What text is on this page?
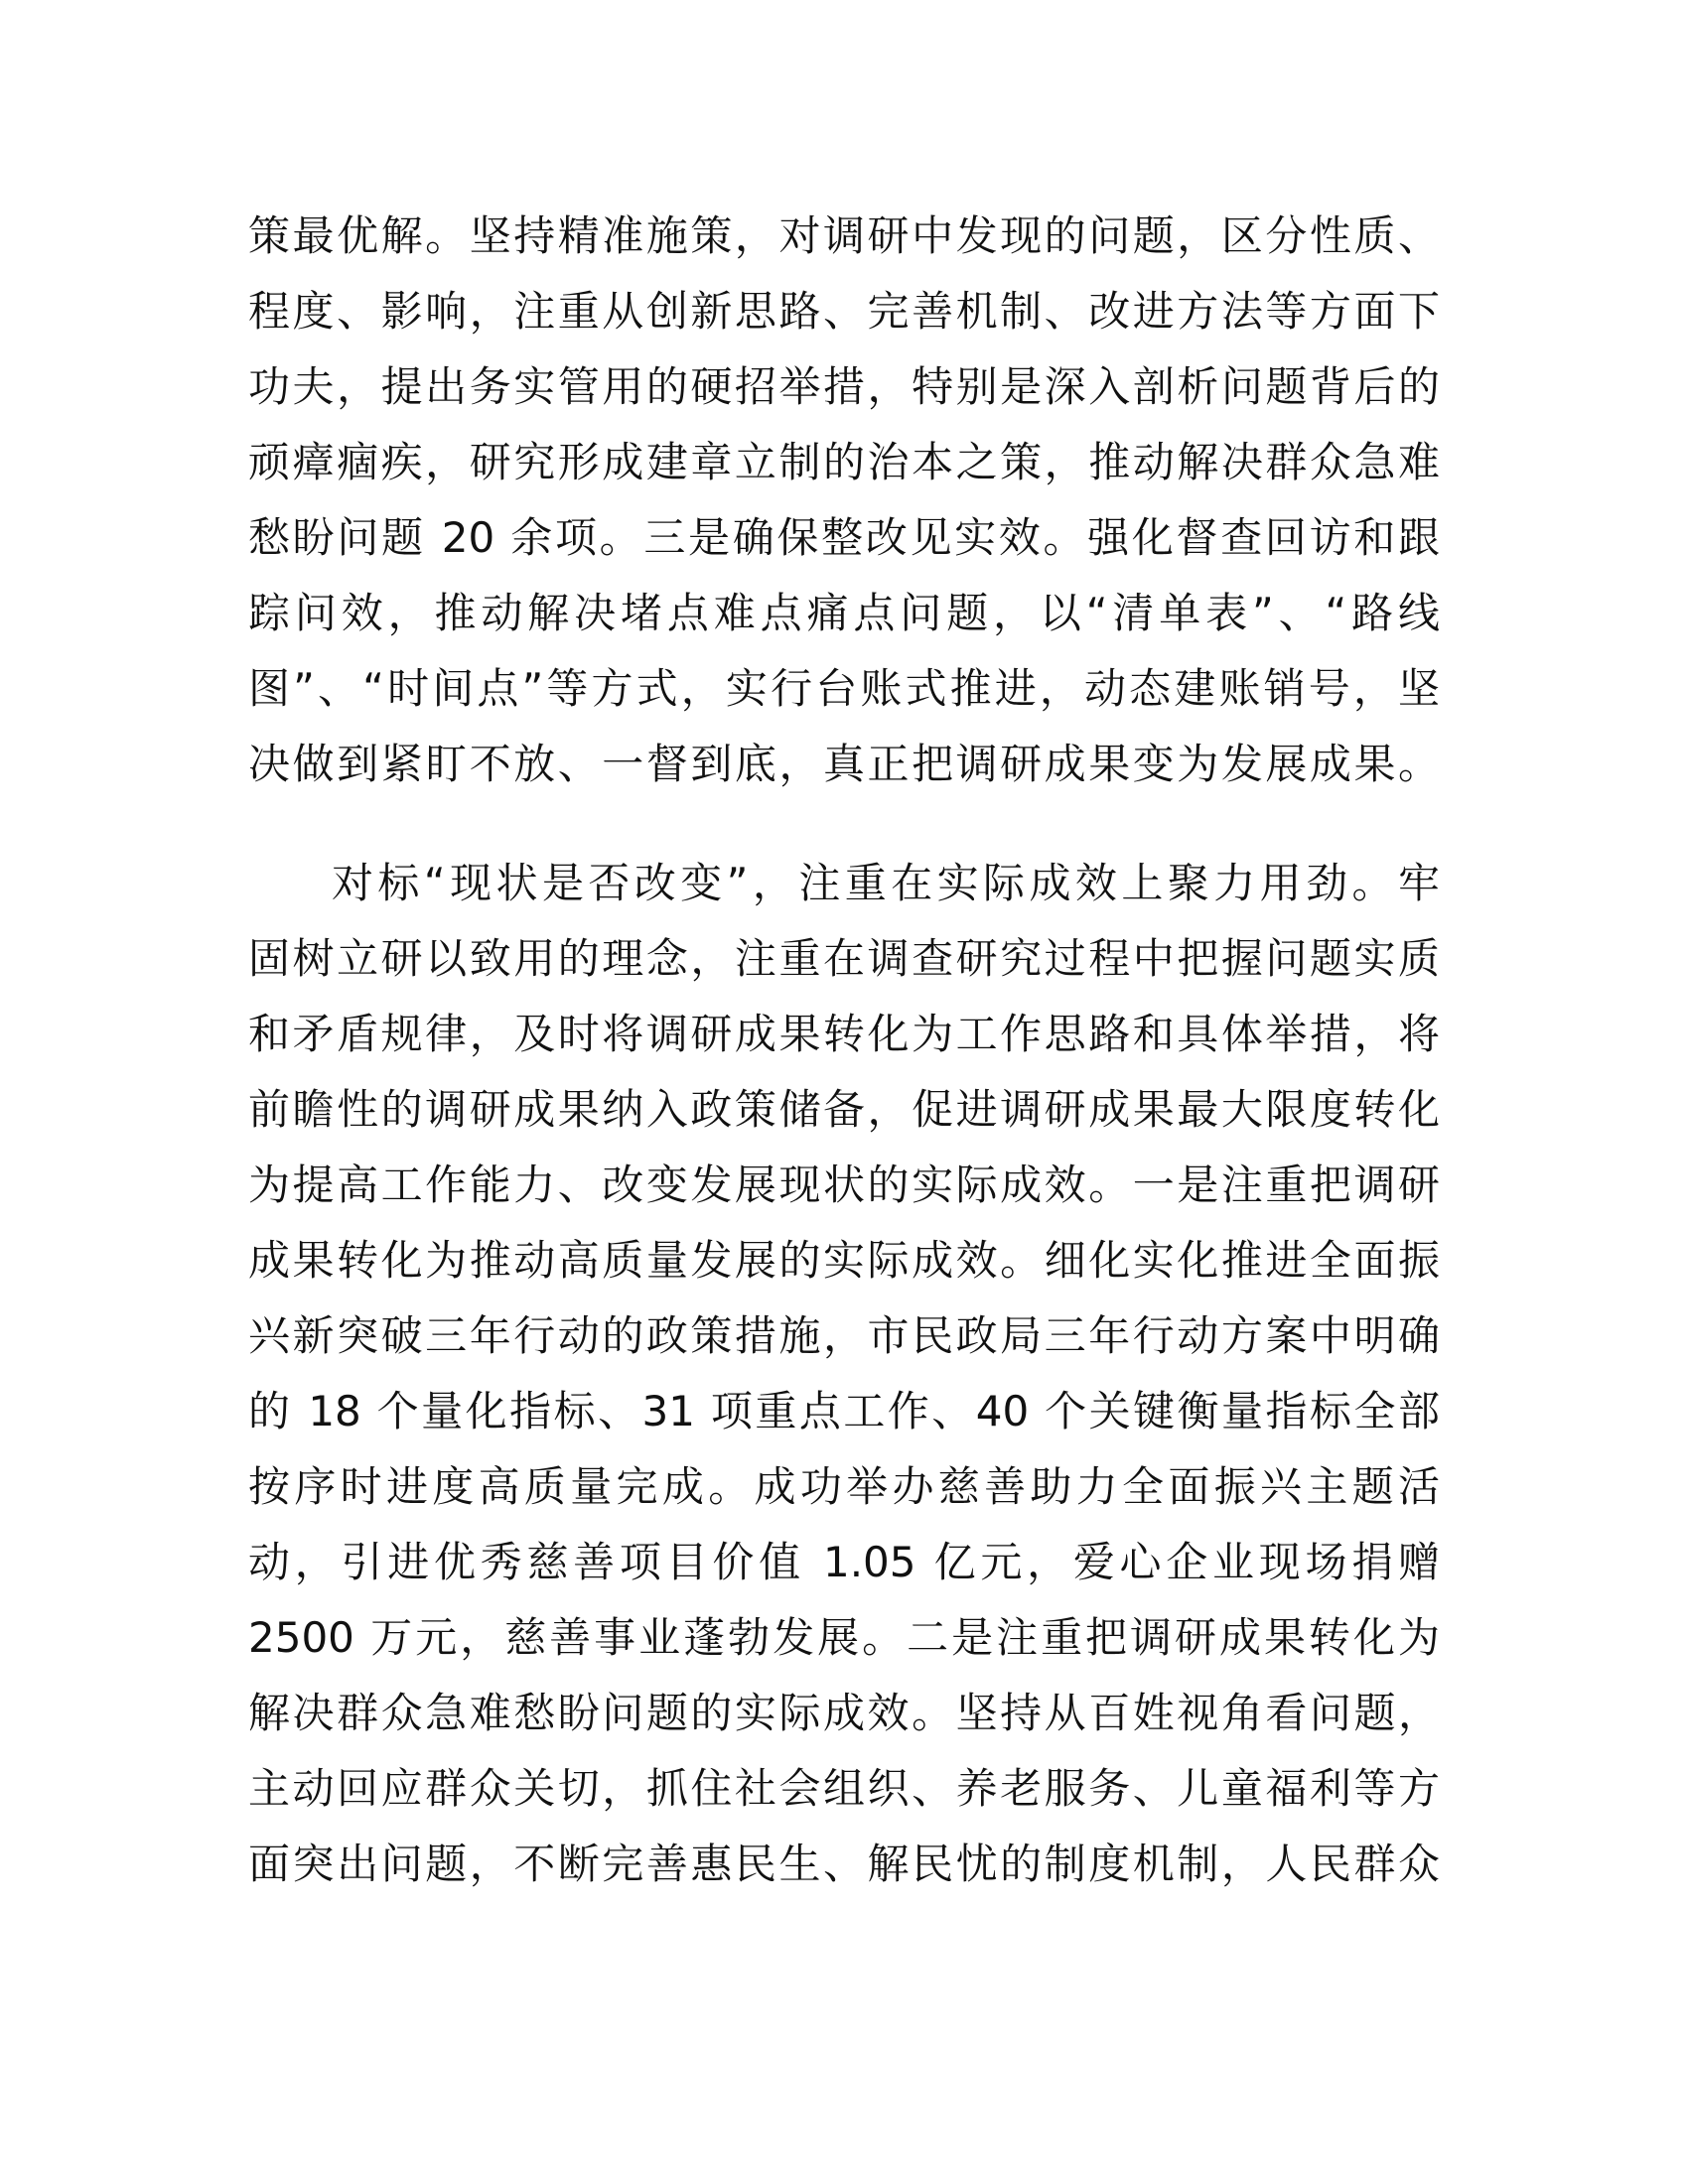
策最优解。坚持精准施策，对调研中发现的问题，区分性质、
程度、影响，注重从创新思路、完善机制、改进方法等方面下
功夫，提出务实管用的硬招举措，特别是深入剖析问题背后的
顽瘴痼疾，研究形成建章立制的治本之策，推动解决群众急难
愁盼问题 20 余项。三是确保整改见实效。强化督查回访和跟
踪问效，推动解决堵点难点痛点问题，以“清单表”、“路线
图”、“时间点”等方式，实行台账式推进，动态建账销号，坚
决做到紧盯不放、一督到底，真正把调研成果变为发展成果。
对标“现状是否改变”，注重在实际成效上聚力用劲。牢
固树立研以致用的理念，注重在调查研究过程中把握问题实质
和矛盾规律，及时将调研成果转化为工作思路和具体举措，将
前瞻性的调研成果纳入政策储备，促进调研成果最大限度转化
为提高工作能力、改变发展现状的实际成效。一是注重把调研
成果转化为推动高质量发展的实际成效。细化实化推进全面振
兴新突破三年行动的政策措施，市民政局三年行动方案中明确
的 18 个量化指标、31 项重点工作、40 个关键衡量指标全部
按序时进度高质量完成。成功举办慈善助力全面振兴主题活
动，引进优秀慈善项目价值 1.05 亿元，爱心企业现场捐赠
2500 万元，慈善事业蓬勃发展。二是注重把调研成果转化为
解决群众急难愁盼问题的实际成效。坚持从百姓视角看问题，
主动回应群众关切，抓住社会组织、养老服务、儿童福利等方
面突出问题，不断完善惠民生、解民忧的制度机制，人民群众
